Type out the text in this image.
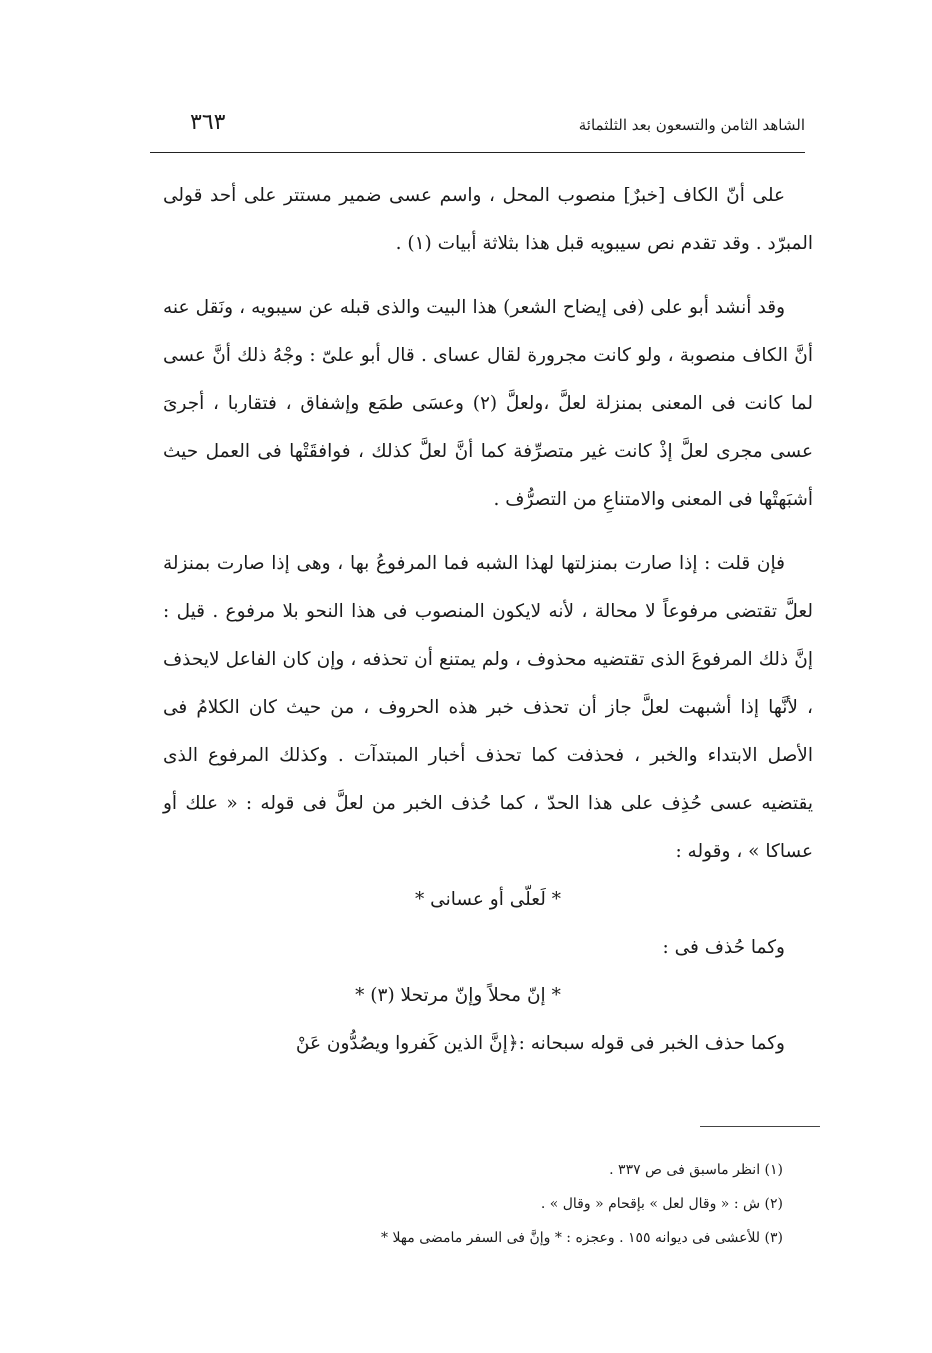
الشاهد الثامن والتسعون بعد الثلثمائة
٣٦٣

على أنّ الكاف [خبرٌ] منصوب المحل ، واسم عسى ضمير مستتر على أحد قولى المبرّد . وقد تقدم نص سيبويه قبل هذا بثلاثة أبيات (١) .

وقد أنشد أبو على (فى إيضاح الشعر) هذا البيت والذى قبله عن سيبويه ، ونَقل عنه أنَّ الكاف منصوبة ، ولو كانت مجرورة لقال عساى . قال أبو علىّ : وجْهُ ذلك أنَّ عسى لما كانت فى المعنى بمنزلة لعلَّ ،ولعلَّ (٢) وعسَى طمَع وإشفاق ، فتقاربا ، أجرىَ عسى مجرى لعلَّ إذْ كانت غير متصرِّفة كما أنَّ لعلَّ كذلك ، فوافقَتْها فى العمل حيث أشبَهتْها فى المعنى والامتناعِ من التصرُّف .

فإن قلت : إذا صارت بمنزلتها لهذا الشبه فما المرفوعُ بها ، وهى إذا صارت بمنزلة لعلَّ تقتضى مرفوعاً لا محالة ، لأنه لايكون المنصوب فى هذا النحو بلا مرفوع . قيل : إنَّ ذلك المرفوعَ الذى تقتضيه محذوف ، ولم يمتنع أن تحذفه ، وإن كان الفاعل لايحذف ، لأنَّها إذا أشبهت لعلَّ جاز أن تحذف خبر هذه الحروف ، من حيث كان الكلامُ فى الأصل الابتداء والخبر ، فحذفت كما تحذف أخبار المبتدآت . وكذلك المرفوع الذى يقتضيه عسى حُذِف على هذا الحدّ ، كما حُذف الخبر من لعلَّ فى قوله : « علك أو عساكا » ، وقوله :

* لَعلّى أو عسانى *

وكما حُذف فى :

* إنّ محلاً وإنّ مرتحلا (٣) *

وكما حذف الخبر فى قوله سبحانه :﴿إنَّ الذين كَفروا ويصُدُّون عَنْ

(١) انظر ماسبق فى ص ٣٣٧ .

(٢) ش : « وقال لعل » بإقحام « وقال » .

(٣) للأعشى فى ديوانه ١٥٥ . وعجزه : * وإنَّ فى السفر مامضى مهلا *
